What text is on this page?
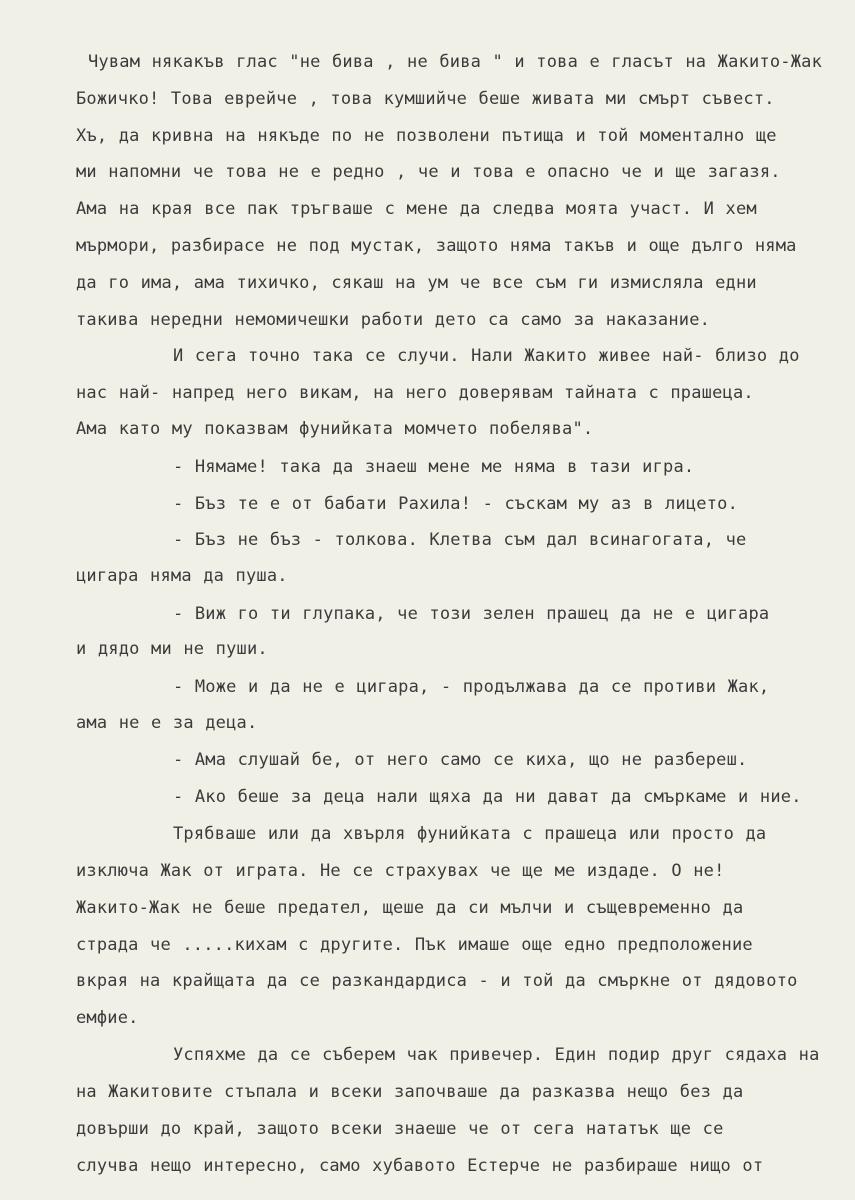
Чувам някакъв глас "не бива , не бива " и това е гласът на Жакито-Жак
Божичко! Това еврейче , това кумшийче беше живата ми смърт съвест.
Хъ, да кривна на някъде по не позволени пътища и той моментално ще
ми напомни че това не е редно , че и това е опасно че и ще загазя.
Ама на края все пак тръгваше с мене да следва моята участ. И хем
мърмори, разбирасе не под мустак, защото няма такъв и още дълго няма
да го има, ама тихичко, сякаш на ум че все съм ги измисляла едни
такива нередни немомичешки работи дето са само за наказание.
И сега точно така се случи. Нали Жакито живее най- близо до
нас най- напред него викам, на него доверявам тайната с прашеца.
Ама като му показвам фунийката момчето побелява".
- Нямаме! така да знаеш мене ме няма в тази игра.
- Бъз те е от бабати Рахила! - съскам му аз в лицето.
- Бъз не бъз - толкова. Клетва съм дал всинагогата, че
цигара няма да пуша.
- Виж го ти глупака, че този зелен прашец да не е цигара
и дядо ми не пуши.
- Може и да не е цигара, - продължава да се противи Жак,
ама не е за деца.
- Ама слушай бе, от него само се киха, що не разбереш.
- Ако беше за деца нали щяха да ни дават да смъркаме и ние.
Трябваше или да хвърля фунийката с прашеца или просто да
изключа Жак от играта. Не се страхувах че ще ме издаде. О не!
Жакито-Жак не беше предател, щеше да си мълчи и същевременно да
страда че .....кихам с другите. Пък имаше още едно предположение
вкрая на крайщата да се разкандардиса - и той да смъркне от дядовото
емфие.
Успяхме да се съберем чак привечер. Един подир друг сядаха на
на Жакитовите стъпала и всеки започваше да разказва нещо без да
довърши до край, защото всеки знаеше че от сега нататък ще се
случва нещо интересно, само хубавото Естерче не разбираше нищо от
